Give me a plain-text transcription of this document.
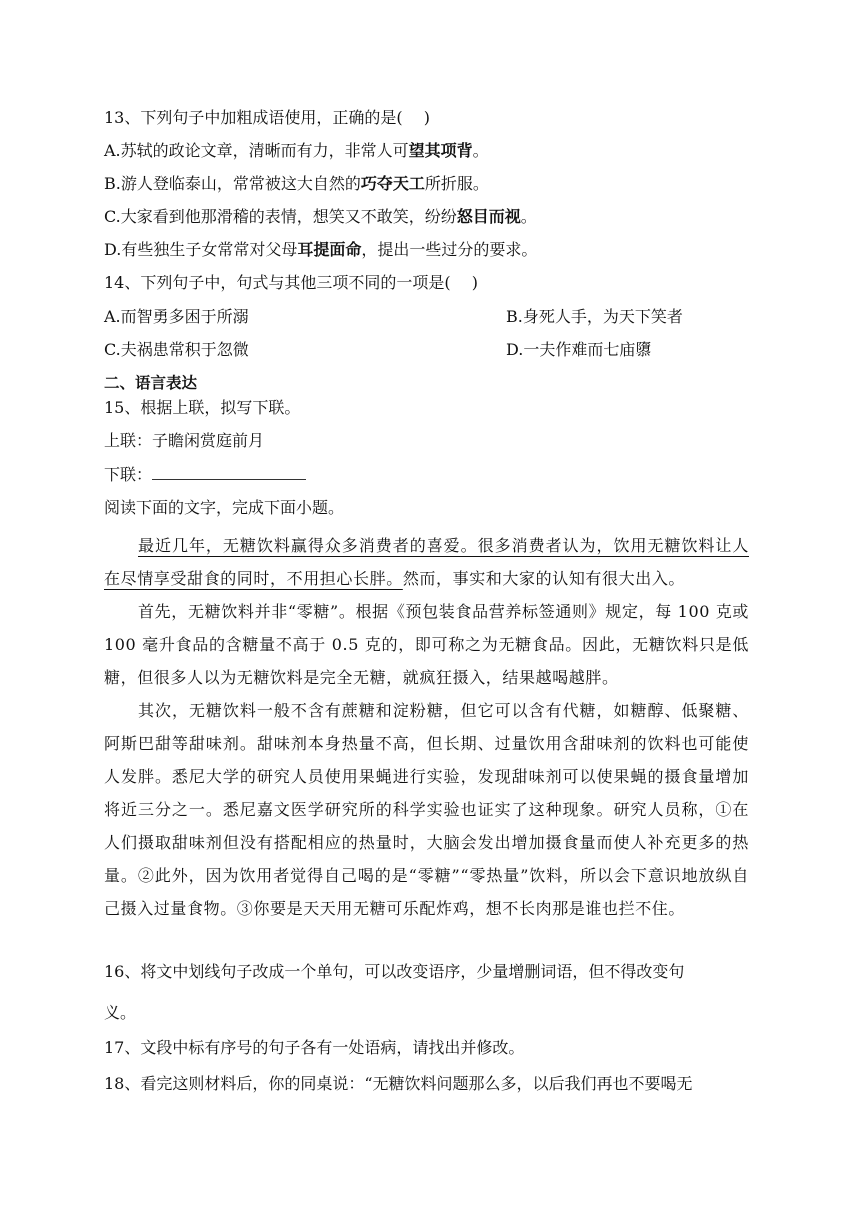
13、下列句子中加粗成语使用，正确的是(　 )
A.苏轼的政论文章，清晰而有力，非常人可望其项背。
B.游人登临泰山，常常被这大自然的巧夺天工所折服。
C.大家看到他那滑稽的表情，想笑又不敢笑，纷纷怒目而视。
D.有些独生子女常常对父母耳提面命，提出一些过分的要求。
14、下列句子中，句式与其他三项不同的一项是(　 )
A.而智勇多困于所溺	B.身死人手，为天下笑者
C.夫祸患常积于忽微	D.一夫作难而七庙隳
二、语言表达
15、根据上联，拟写下联。
上联：子瞻闲赏庭前月
下联：
阅读下面的文字，完成下面小题。

最近几年，无糖饮料赢得众多消费者的喜爱。很多消费者认为，饮用无糖饮料让人在尽情享受甜食的同时，不用担心长胖。然而，事实和大家的认知有很大出入。

首先，无糖饮料并非“零糖”。根据《预包装食品营养标签通则》规定，每 100 克或 100 毫升食品的含糖量不高于 0.5 克的，即可称之为无糖食品。因此，无糖饮料只是低糖，但很多人以为无糖饮料是完全无糖，就疯狂摄入，结果越喝越胖。

其次，无糖饮料一般不含有蔗糖和淀粉糖，但它可以含有代糖，如糖醇、低聚糖、阿斯巴甜等甜味剂。甜味剂本身热量不高，但长期、过量饮用含甜味剂的饮料也可能使人发胖。悉尼大学的研究人员使用果蝇进行实验，发现甜味剂可以使果蝇的摄食量增加将近三分之一。悉尼嘉文医学研究所的科学实验也证实了这种现象。研究人员称，①在人们摄取甜味剂但没有搭配相应的热量时，大脑会发出增加摄食量而使人补充更多的热量。②此外，因为饮用者觉得自己喝的是“零糖”“零热量”饮料，所以会下意识地放纵自己摄入过量食物。③你要是天天用无糖可乐配炸鸡，想不长肉那是谁也拦不住。

16、将文中划线句子改成一个单句，可以改变语序，少量增删词语，但不得改变句
义。
17、文段中标有序号的句子各有一处语病，请找出并修改。
18、看完这则材料后，你的同桌说：“无糖饮料问题那么多，以后我们再也不要喝无
